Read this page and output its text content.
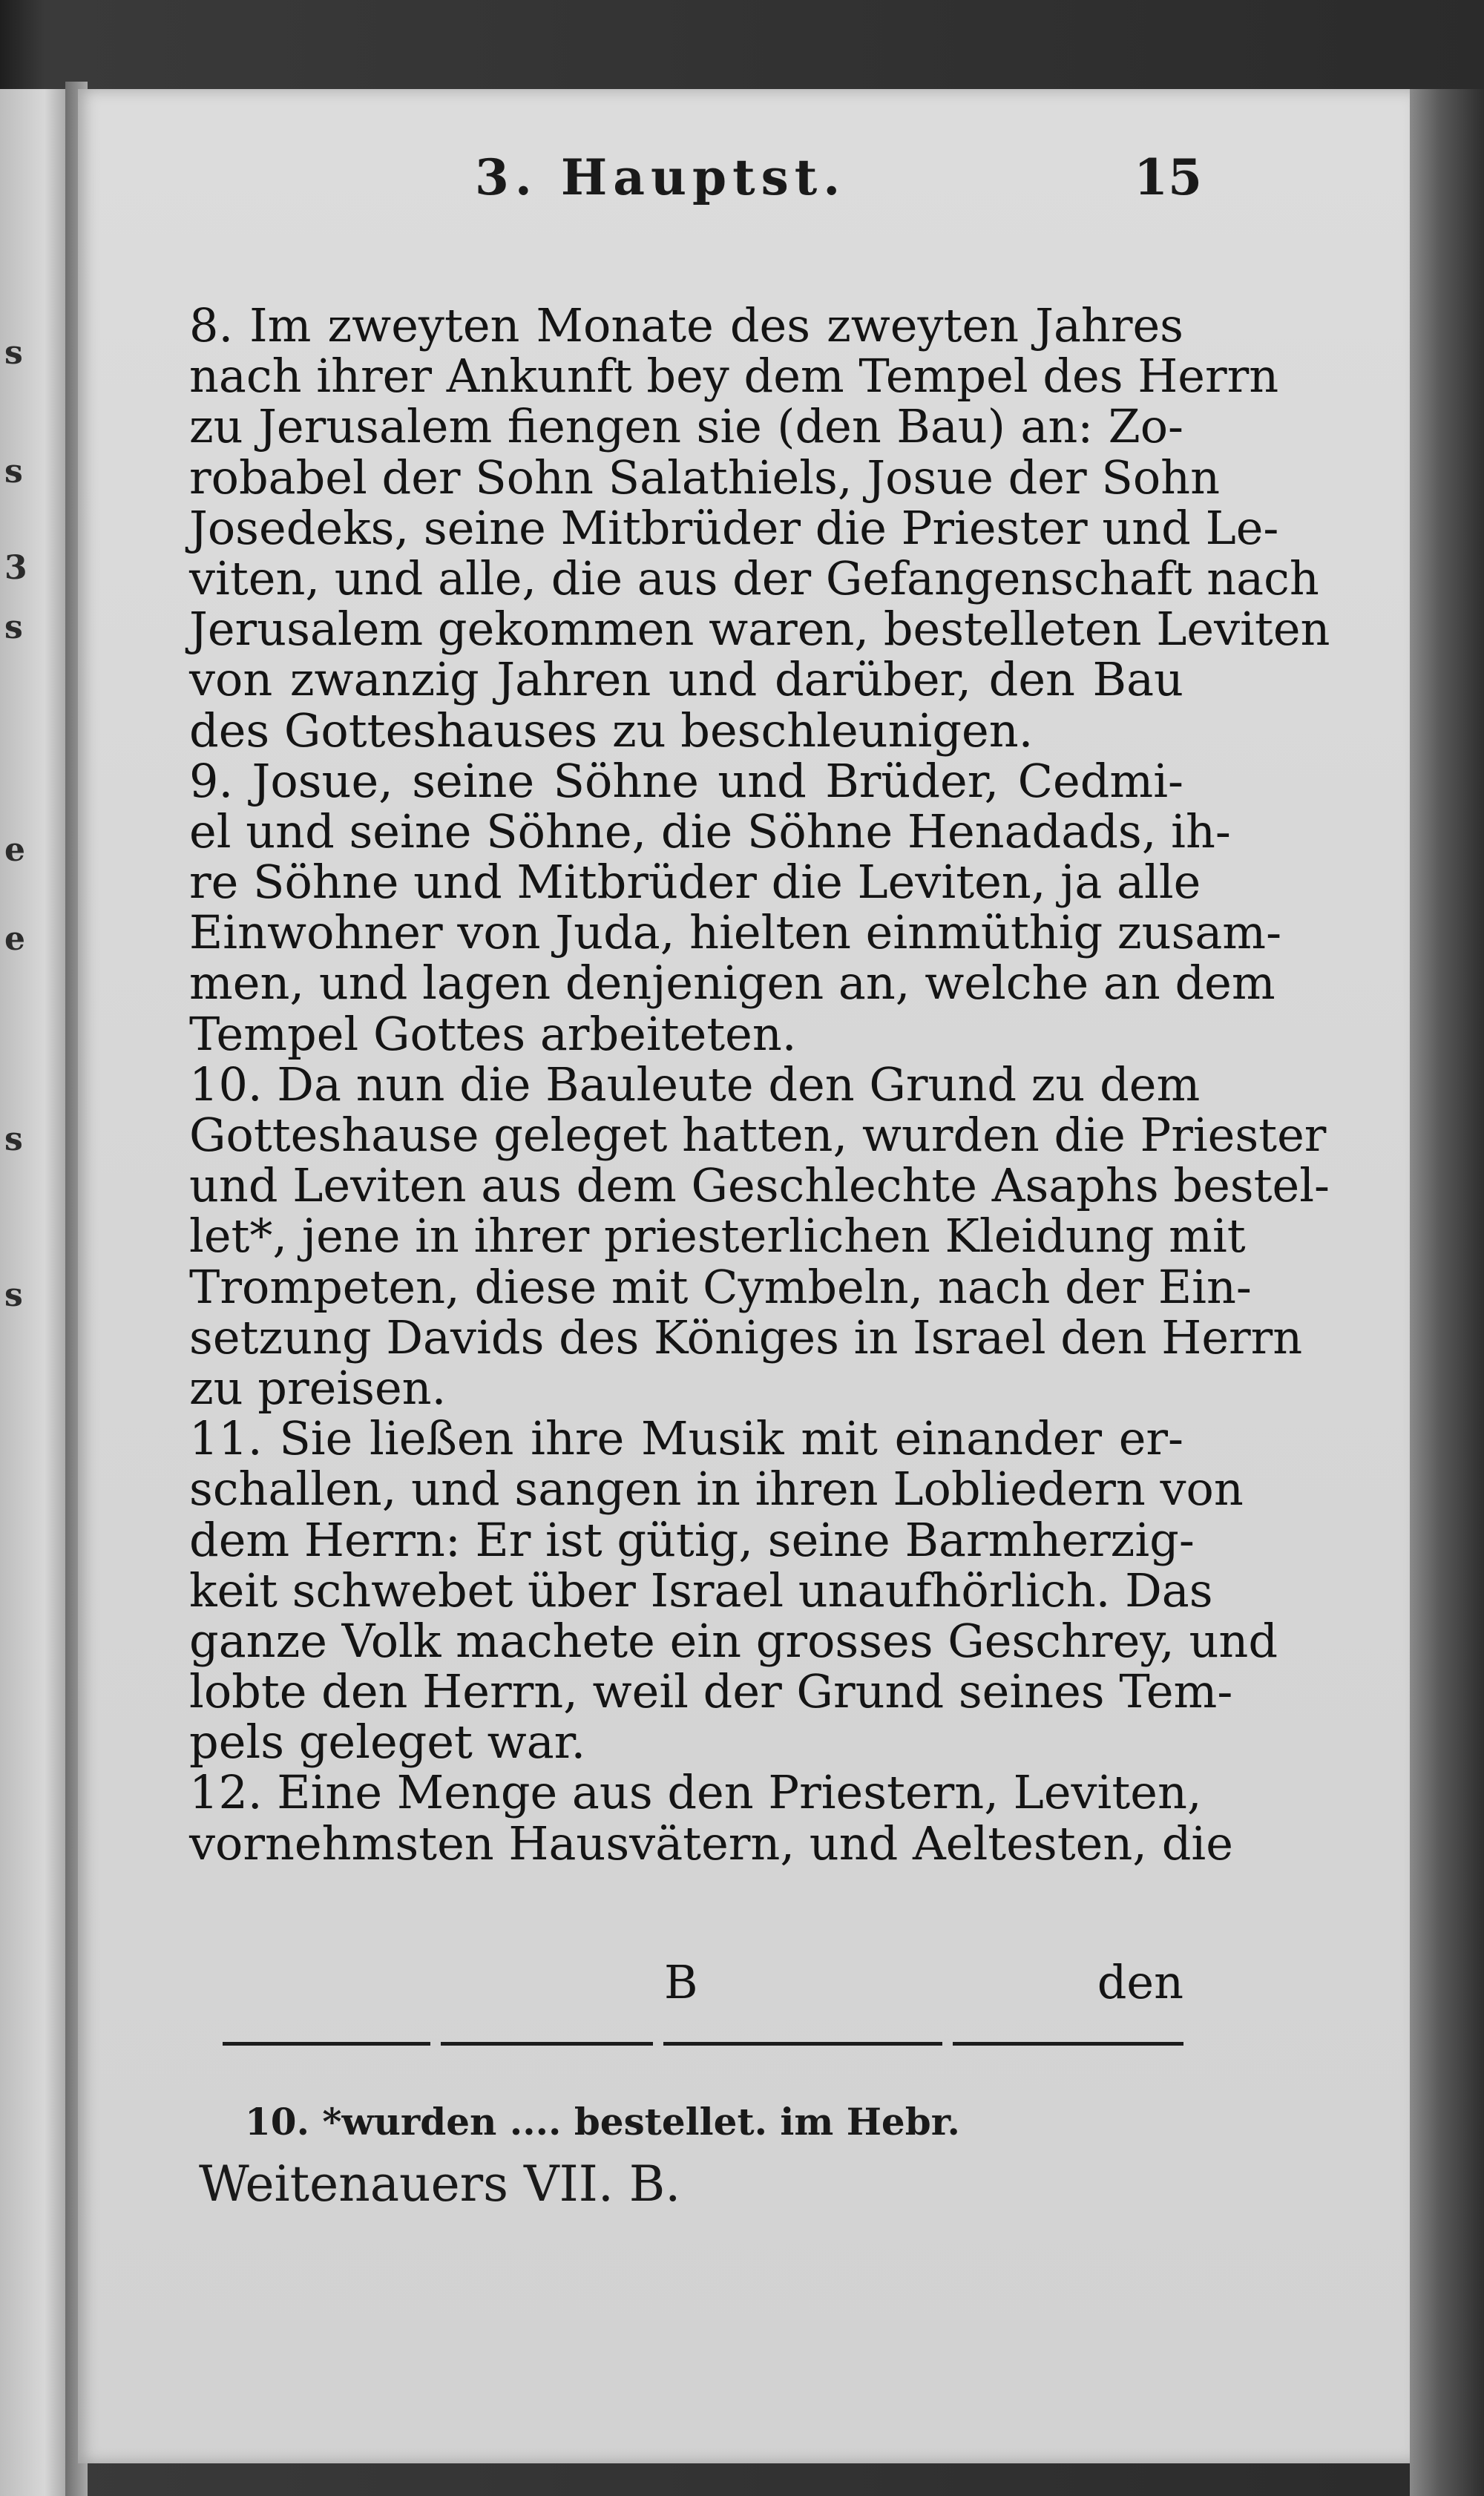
s
s
3
s
e
e
s
s
3. Hauptst.	15
8. Im zweyten Monate des zweyten Jahres
nach ihrer Ankunft bey dem Tempel des Herrn
zu Jerusalem fiengen sie (den Bau) an: Zo-
robabel der Sohn Salathiels, Josue der Sohn
Josedeks, seine Mitbrüder die Priester und Le-
viten, und alle, die aus der Gefangenschaft nach
Jerusalem gekommen waren, bestelleten Leviten
von zwanzig Jahren und darüber, den Bau
des Gotteshauses zu beschleunigen.
9. Josue, seine Söhne und Brüder, Cedmi-
el und seine Söhne, die Söhne Henadads, ih-
re Söhne und Mitbrüder die Leviten, ja alle
Einwohner von Juda, hielten einmüthig zusam-
men, und lagen denjenigen an, welche an dem
Tempel Gottes arbeiteten.
10. Da nun die Bauleute den Grund zu dem
Gotteshause geleget hatten, wurden die Priester
und Leviten aus dem Geschlechte Asaphs bestel-
let*, jene in ihrer priesterlichen Kleidung mit
Trompeten, diese mit Cymbeln, nach der Ein-
setzung Davids des Königes in Israel den Herrn
zu preisen.
11. Sie ließen ihre Musik mit einander er-
schallen, und sangen in ihren Lobliedern von
dem Herrn: Er ist gütig, seine Barmherzig-
keit schwebet über Israel unaufhörlich. Das
ganze Volk machete ein grosses Geschrey, und
lobte den Herrn, weil der Grund seines Tem-
pels geleget war.
12. Eine Menge aus den Priestern, Leviten,
vornehmsten Hausvätern, und Aeltesten, die
B	den
10. *wurden .... bestellet. im Hebr.
Weitenauers VII. B.
